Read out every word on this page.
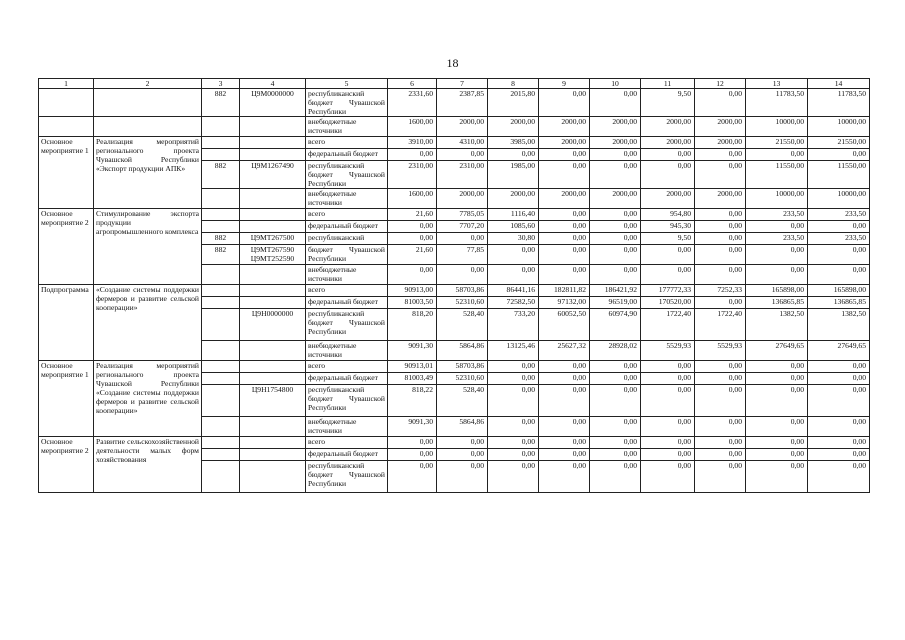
18
1	2	3	4	5	6	7	8	9	10	11	12	13	14
		882	Ц9М0000000	республиканский бюджет Чувашской Республики	2331,60	2387,85	2015,80	0,00	0,00	9,50	0,00	11783,50	11783,50
				внебюджетные источники	1600,00	2000,00	2000,00	2000,00	2000,00	2000,00	2000,00	10000,00	10000,00
Основное мероприятие 1	Реализация мероприятий регионального проекта Чувашской Республики «Экспорт продукции АПК»			всего	3910,00	4310,00	3985,00	2000,00	2000,00	2000,00	2000,00	21550,00	21550,00
				федеральный бюджет	0,00	0,00	0,00	0,00	0,00	0,00	0,00	0,00	0,00
		882	Ц9М1267490	республиканский бюджет Чувашской Республики	2310,00	2310,00	1985,00	0,00	0,00	0,00	0,00	11550,00	11550,00
				внебюджетные источники	1600,00	2000,00	2000,00	2000,00	2000,00	2000,00	2000,00	10000,00	10000,00
Основное мероприятие 2	Стимулирование экспорта продукции агропромышленного комплекса			всего	21,60	7785,05	1116,40	0,00	0,00	954,80	0,00	233,50	233,50
				федеральный бюджет	0,00	7707,20	1085,60	0,00	0,00	945,30	0,00	0,00	0,00
		882	Ц9МТ267500	республиканский	0,00	0,00	30,80	0,00	0,00	9,50	0,00	233,50	233,50
		882	Ц9МТ267590 Ц9МТ252590	бюджет Чувашской Республики	21,60	77,85	0,00	0,00	0,00	0,00	0,00	0,00	0,00
				внебюджетные источники	0,00	0,00	0,00	0,00	0,00	0,00	0,00	0,00	0,00
Подпрограмма	«Создание системы поддержки фермеров и развитие сельской кооперации»			всего	90913,00	58703,86	86441,16	182811,82	186421,92	177772,33	7252,33	165898,00	165898,00
				федеральный бюджет	81003,50	52310,60	72582,50	97132,00	96519,00	170520,00	0,00	136865,85	136865,85
			Ц9Н0000000	республиканский бюджет Чувашской Республики	818,20	528,40	733,20	60052,50	60974,90	1722,40	1722,40	1382,50	1382,50
				внебюджетные источники	9091,30	5864,86	13125,46	25627,32	28928,02	5529,93	5529,93	27649,65	27649,65
Основное мероприятие 1	Реализация мероприятий регионального проекта Чувашской Республики «Создание системы поддержки фермеров и развитие сельской кооперации»			всего	90913,01	58703,86	0,00	0,00	0,00	0,00	0,00	0,00	0,00
				федеральный бюджет	81003,49	52310,60	0,00	0,00	0,00	0,00	0,00	0,00	0,00
			Ц9Н1754800	республиканский бюджет Чувашской Республики	818,22	528,40	0,00	0,00	0,00	0,00	0,00	0,00	0,00
				внебюджетные источники	9091,30	5864,86	0,00	0,00	0,00	0,00	0,00	0,00	0,00
Основное мероприятие 2	Развитие сельскохозяйственной деятельности малых форм хозяйствования			всего	0,00	0,00	0,00	0,00	0,00	0,00	0,00	0,00	0,00
				федеральный бюджет	0,00	0,00	0,00	0,00	0,00	0,00	0,00	0,00	0,00
				республиканский бюджет Чувашской Республики	0,00	0,00	0,00	0,00	0,00	0,00	0,00	0,00	0,00
